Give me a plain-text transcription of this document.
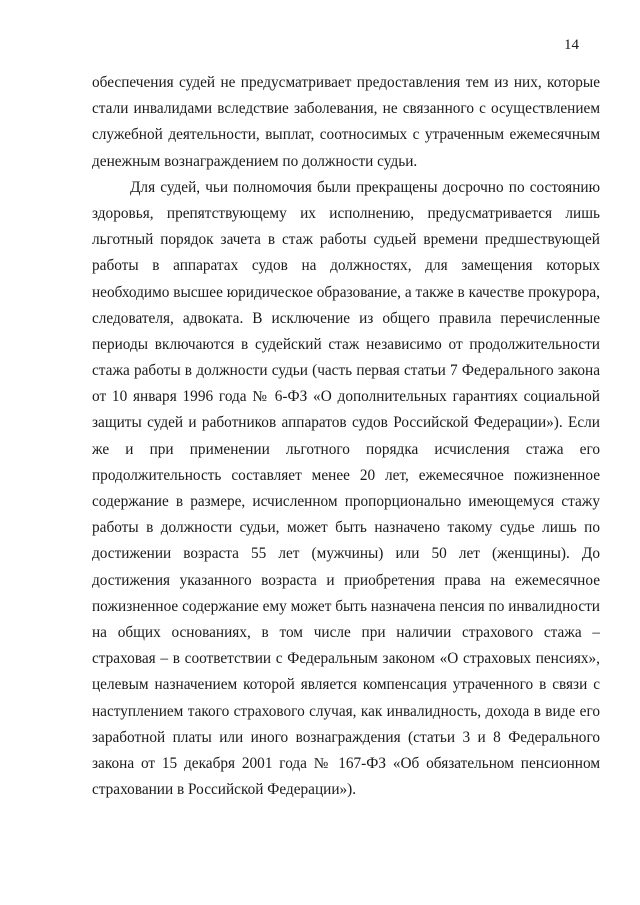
14
обеспечения судей не предусматривает предоставления тем из них, которые
стали инвалидами вследствие заболевания, не связанного с осуществлением
служебной деятельности, выплат, соотносимых с утраченным ежемесячным
денежным вознаграждением по должности судьи.
Для судей, чьи полномочия были прекращены досрочно по состоянию
здоровья, препятствующему их исполнению, предусматривается лишь
льготный порядок зачета в стаж работы судьей времени предшествующей
работы в аппаратах судов на должностях, для замещения которых
необходимо высшее юридическое образование, а также в качестве прокурора,
следователя, адвоката. В исключение из общего правила перечисленные
периоды включаются в судейский стаж независимо от продолжительности
стажа работы в должности судьи (часть первая статьи 7 Федерального закона
от 10 января 1996 года № 6-ФЗ «О дополнительных гарантиях социальной
защиты судей и работников аппаратов судов Российской Федерации»). Если
же и при применении льготного порядка исчисления стажа его
продолжительность составляет менее 20 лет, ежемесячное пожизненное
содержание в размере, исчисленном пропорционально имеющемуся стажу
работы в должности судьи, может быть назначено такому судье лишь по
достижении возраста 55 лет (мужчины) или 50 лет (женщины). До
достижения указанного возраста и приобретения права на ежемесячное
пожизненное содержание ему может быть назначена пенсия по инвалидности
на общих основаниях, в том числе при наличии страхового стажа –
страховая – в соответствии с Федеральным законом «О страховых пенсиях»,
целевым назначением которой является компенсация утраченного в связи с
наступлением такого страхового случая, как инвалидность, дохода в виде его
заработной платы или иного вознаграждения (статьи 3 и 8 Федерального
закона от 15 декабря 2001 года № 167-ФЗ «Об обязательном пенсионном
страховании в Российской Федерации»).
